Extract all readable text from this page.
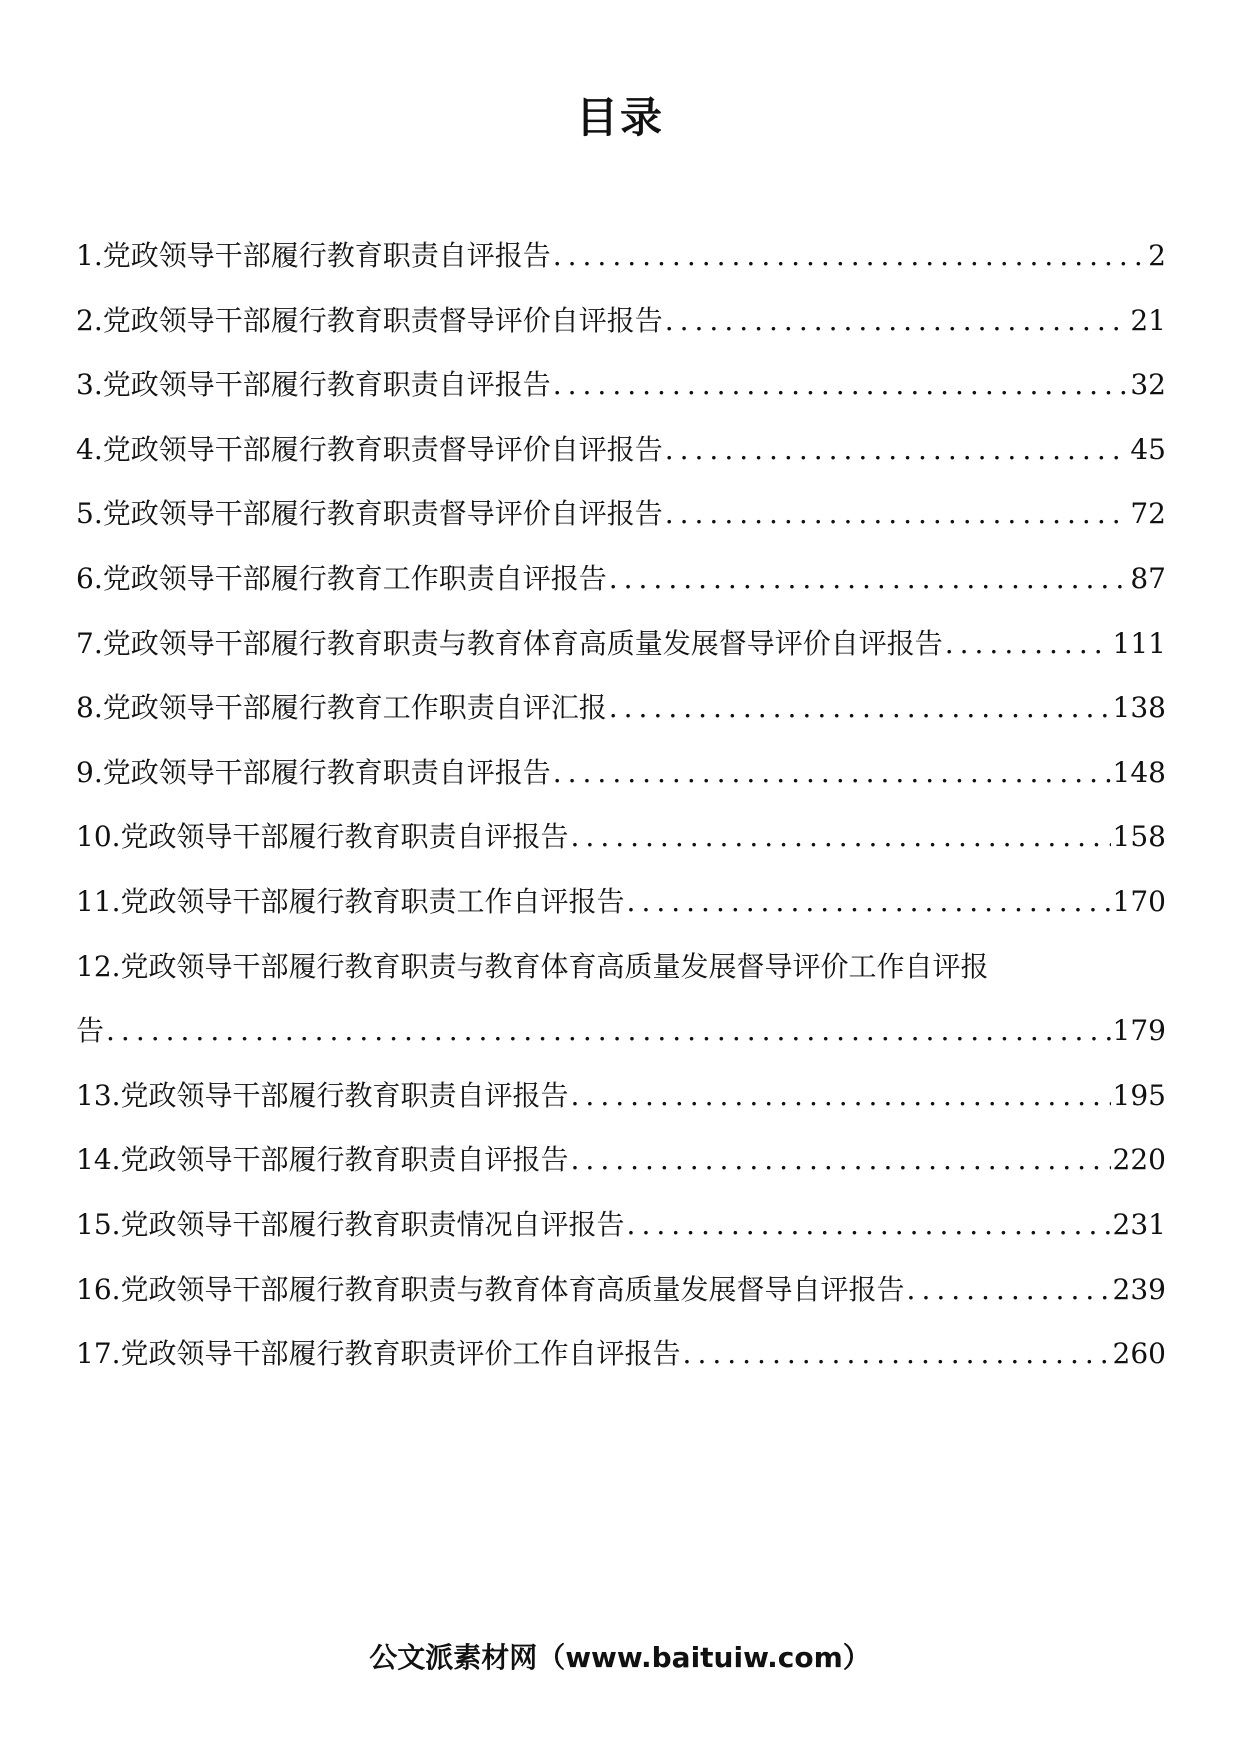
目录
1.党政领导干部履行教育职责自评报告 .....	2
2.党政领导干部履行教育职责督导评价自评报告 .....	21
3.党政领导干部履行教育职责自评报告 .....	32
4.党政领导干部履行教育职责督导评价自评报告 .....	45
5.党政领导干部履行教育职责督导评价自评报告 .....	72
6.党政领导干部履行教育工作职责自评报告 .....	87
7.党政领导干部履行教育职责与教育体育高质量发展督导评价自评报告 .....	111
8.党政领导干部履行教育工作职责自评汇报 .....	138
9.党政领导干部履行教育职责自评报告 .....	148
10.党政领导干部履行教育职责自评报告 .....	158
11.党政领导干部履行教育职责工作自评报告 .....	170
12.党政领导干部履行教育职责与教育体育高质量发展督导评价工作自评报
告 .....	179
13.党政领导干部履行教育职责自评报告 .....	195
14.党政领导干部履行教育职责自评报告 .....	220
15.党政领导干部履行教育职责情况自评报告 .....	231
16.党政领导干部履行教育职责与教育体育高质量发展督导自评报告 .....	239
17.党政领导干部履行教育职责评价工作自评报告 .....	260
公文派素材网（www.baituiw.com）
